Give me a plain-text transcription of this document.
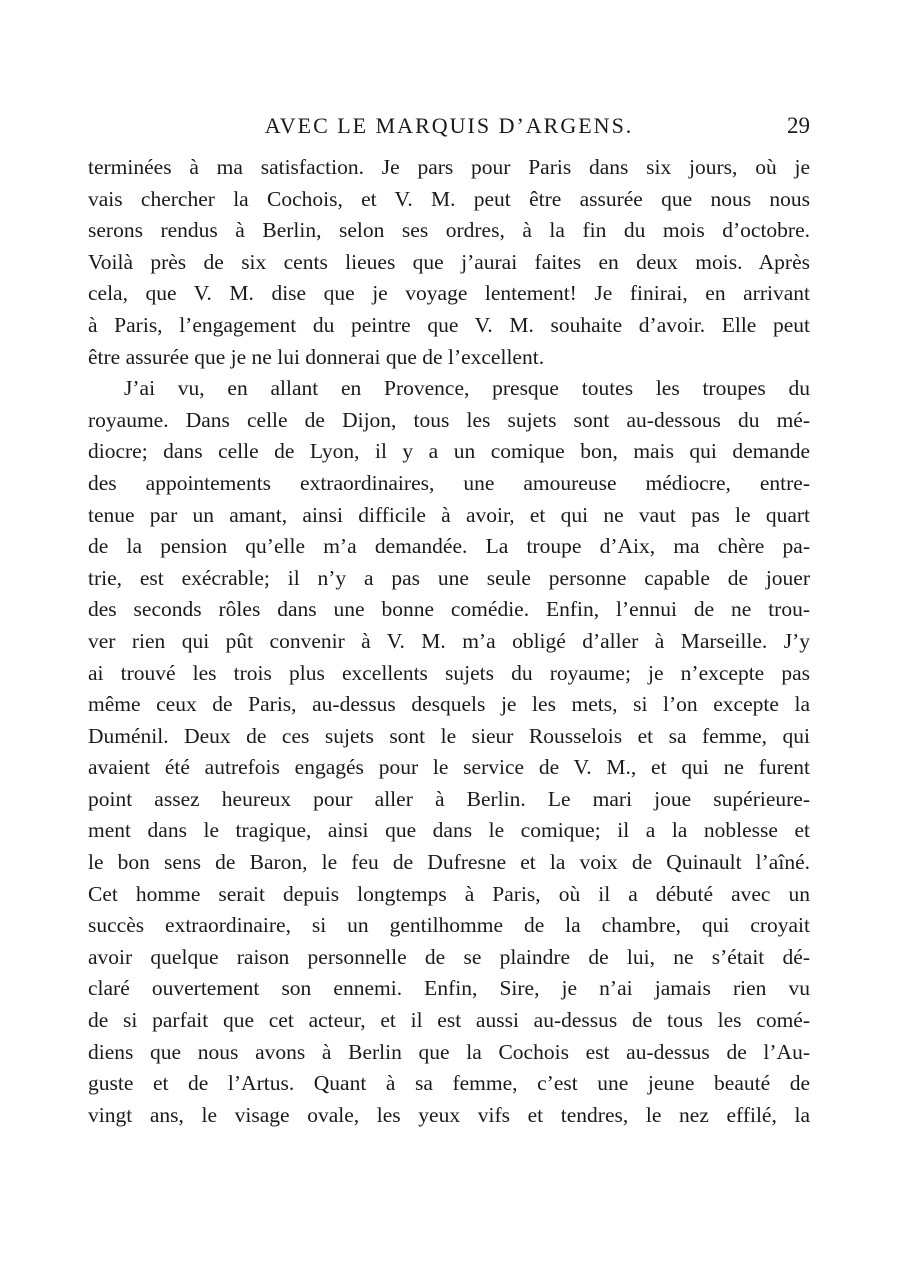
AVEC LE MARQUIS D’ARGENS.	29
terminées à ma satisfaction. Je pars pour Paris dans six jours, où je
vais chercher la Cochois, et V. M. peut être assurée que nous nous
serons rendus à Berlin, selon ses ordres, à la fin du mois d’octobre.
Voilà près de six cents lieues que j’aurai faites en deux mois. Après
cela, que V. M. dise que je voyage lentement! Je finirai, en arrivant
à Paris, l’engagement du peintre que V. M. souhaite d’avoir. Elle peut
être assurée que je ne lui donnerai que de l’excellent.
J’ai vu, en allant en Provence, presque toutes les troupes du
royaume. Dans celle de Dijon, tous les sujets sont au-dessous du mé-
diocre; dans celle de Lyon, il y a un comique bon, mais qui demande
des appointements extraordinaires, une amoureuse médiocre, entre-
tenue par un amant, ainsi difficile à avoir, et qui ne vaut pas le quart
de la pension qu’elle m’a demandée. La troupe d’Aix, ma chère pa-
trie, est exécrable; il n’y a pas une seule personne capable de jouer
des seconds rôles dans une bonne comédie. Enfin, l’ennui de ne trou-
ver rien qui pût convenir à V. M. m’a obligé d’aller à Marseille. J’y
ai trouvé les trois plus excellents sujets du royaume; je n’excepte pas
même ceux de Paris, au-dessus desquels je les mets, si l’on excepte la
Duménil. Deux de ces sujets sont le sieur Rousselois et sa femme, qui
avaient été autrefois engagés pour le service de V. M., et qui ne furent
point assez heureux pour aller à Berlin. Le mari joue supérieure-
ment dans le tragique, ainsi que dans le comique; il a la noblesse et
le bon sens de Baron, le feu de Dufresne et la voix de Quinault l’aîné.
Cet homme serait depuis longtemps à Paris, où il a débuté avec un
succès extraordinaire, si un gentilhomme de la chambre, qui croyait
avoir quelque raison personnelle de se plaindre de lui, ne s’était dé-
claré ouvertement son ennemi. Enfin, Sire, je n’ai jamais rien vu
de si parfait que cet acteur, et il est aussi au-dessus de tous les comé-
diens que nous avons à Berlin que la Cochois est au-dessus de l’Au-
guste et de l’Artus. Quant à sa femme, c’est une jeune beauté de
vingt ans, le visage ovale, les yeux vifs et tendres, le nez effilé, la
